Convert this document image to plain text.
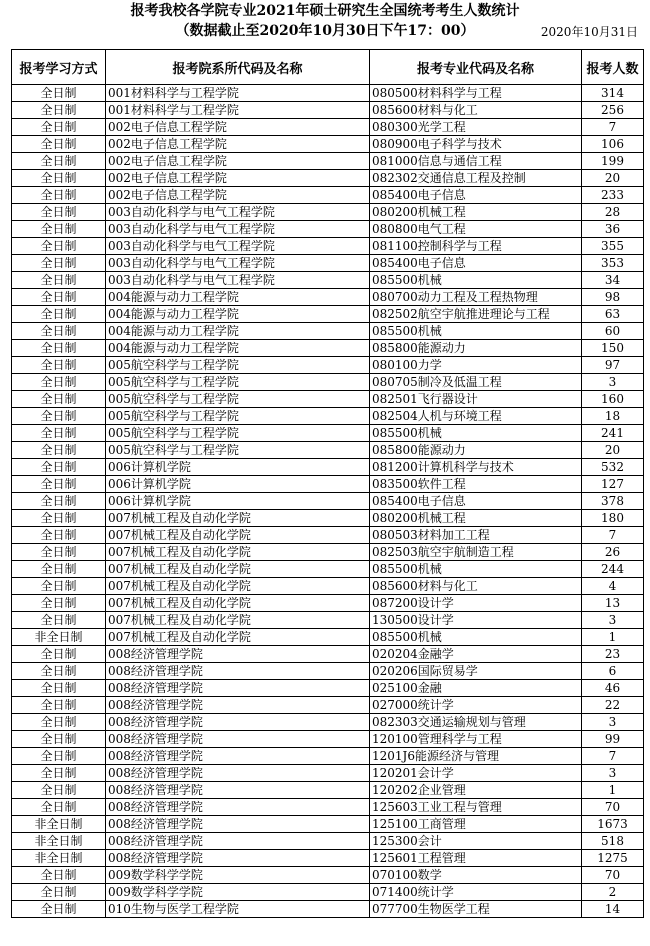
报考我校各学院专业2021年硕士研究生全国统考考生人数统计
（数据截止至2020年10月30日下午17：00）	2020年10月31日
报考学习方式	报考院系所代码及名称	报考专业代码及名称	报考人数
全日制	001材料科学与工程学院	080500材料科学与工程	314
全日制	001材料科学与工程学院	085600材料与化工	256
全日制	002电子信息工程学院	080300光学工程	7
全日制	002电子信息工程学院	080900电子科学与技术	106
全日制	002电子信息工程学院	081000信息与通信工程	199
全日制	002电子信息工程学院	082302交通信息工程及控制	20
全日制	002电子信息工程学院	085400电子信息	233
全日制	003自动化科学与电气工程学院	080200机械工程	28
全日制	003自动化科学与电气工程学院	080800电气工程	36
全日制	003自动化科学与电气工程学院	081100控制科学与工程	355
全日制	003自动化科学与电气工程学院	085400电子信息	353
全日制	003自动化科学与电气工程学院	085500机械	34
全日制	004能源与动力工程学院	080700动力工程及工程热物理	98
全日制	004能源与动力工程学院	082502航空宇航推进理论与工程	63
全日制	004能源与动力工程学院	085500机械	60
全日制	004能源与动力工程学院	085800能源动力	150
全日制	005航空科学与工程学院	080100力学	97
全日制	005航空科学与工程学院	080705制冷及低温工程	3
全日制	005航空科学与工程学院	082501飞行器设计	160
全日制	005航空科学与工程学院	082504人机与环境工程	18
全日制	005航空科学与工程学院	085500机械	241
全日制	005航空科学与工程学院	085800能源动力	20
全日制	006计算机学院	081200计算机科学与技术	532
全日制	006计算机学院	083500软件工程	127
全日制	006计算机学院	085400电子信息	378
全日制	007机械工程及自动化学院	080200机械工程	180
全日制	007机械工程及自动化学院	080503材料加工工程	7
全日制	007机械工程及自动化学院	082503航空宇航制造工程	26
全日制	007机械工程及自动化学院	085500机械	244
全日制	007机械工程及自动化学院	085600材料与化工	4
全日制	007机械工程及自动化学院	087200设计学	13
全日制	007机械工程及自动化学院	130500设计学	3
非全日制	007机械工程及自动化学院	085500机械	1
全日制	008经济管理学院	020204金融学	23
全日制	008经济管理学院	020206国际贸易学	6
全日制	008经济管理学院	025100金融	46
全日制	008经济管理学院	027000统计学	22
全日制	008经济管理学院	082303交通运输规划与管理	3
全日制	008经济管理学院	120100管理科学与工程	99
全日制	008经济管理学院	1201J6能源经济与管理	7
全日制	008经济管理学院	120201会计学	3
全日制	008经济管理学院	120202企业管理	1
全日制	008经济管理学院	125603工业工程与管理	70
非全日制	008经济管理学院	125100工商管理	1673
非全日制	008经济管理学院	125300会计	518
非全日制	008经济管理学院	125601工程管理	1275
全日制	009数学科学学院	070100数学	70
全日制	009数学科学学院	071400统计学	2
全日制	010生物与医学工程学院	077700生物医学工程	14
